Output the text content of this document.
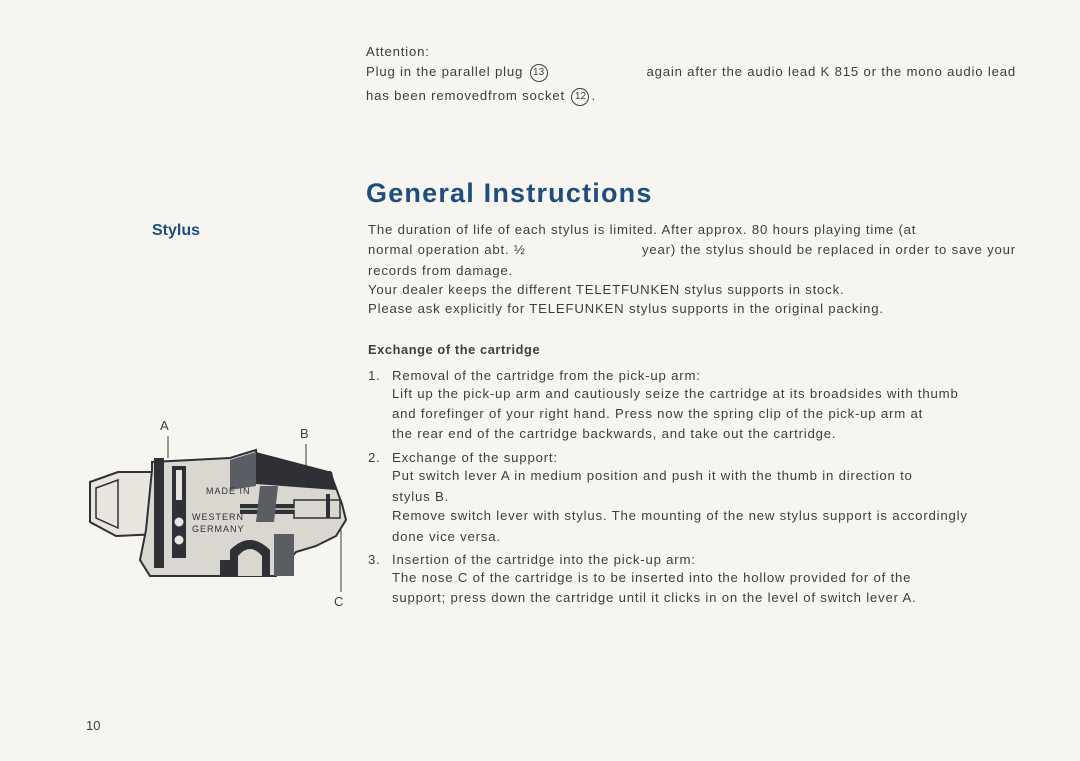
Attention:
Plug in the parallel plug 13	again after the audio lead K 815 or the mono audio lead
has been removedfrom socket 12 .
General Instructions
Stylus	The duration of life of each stylus is limited. After approx. 80 hours playing time (at
normal operation abt. ½	year) the stylus should be replaced in order to save your
records from damage.
Your dealer keeps the different TELETFUNKEN stylus supports in stock.
Please ask explicitly for TELEFUNKEN stylus supports in the original packing.
Exchange of the cartridge
1. Removal of the cartridge from the pick-up arm:
Lift up the pick-up arm and cautiously seize the cartridge at its broadsides with thumb
and forefinger of your right hand. Press now the spring clip of the pick-up arm at
the rear end of the cartridge backwards, and take out the cartridge.
2. Exchange of the support:
Put switch lever A in medium position and push it with the thumb in direction to
stylus B.
Remove switch lever with stylus. The mounting of the new stylus support is accordingly
done vice versa.
3. Insertion of the cartridge into the pick-up arm:
The nose C of the cartridge is to be inserted into the hollow provided for of the
support; press down the cartridge until it clicks in on the level of switch lever A.
MADE IN
WESTERN
GERMANY
A
B
C
10
